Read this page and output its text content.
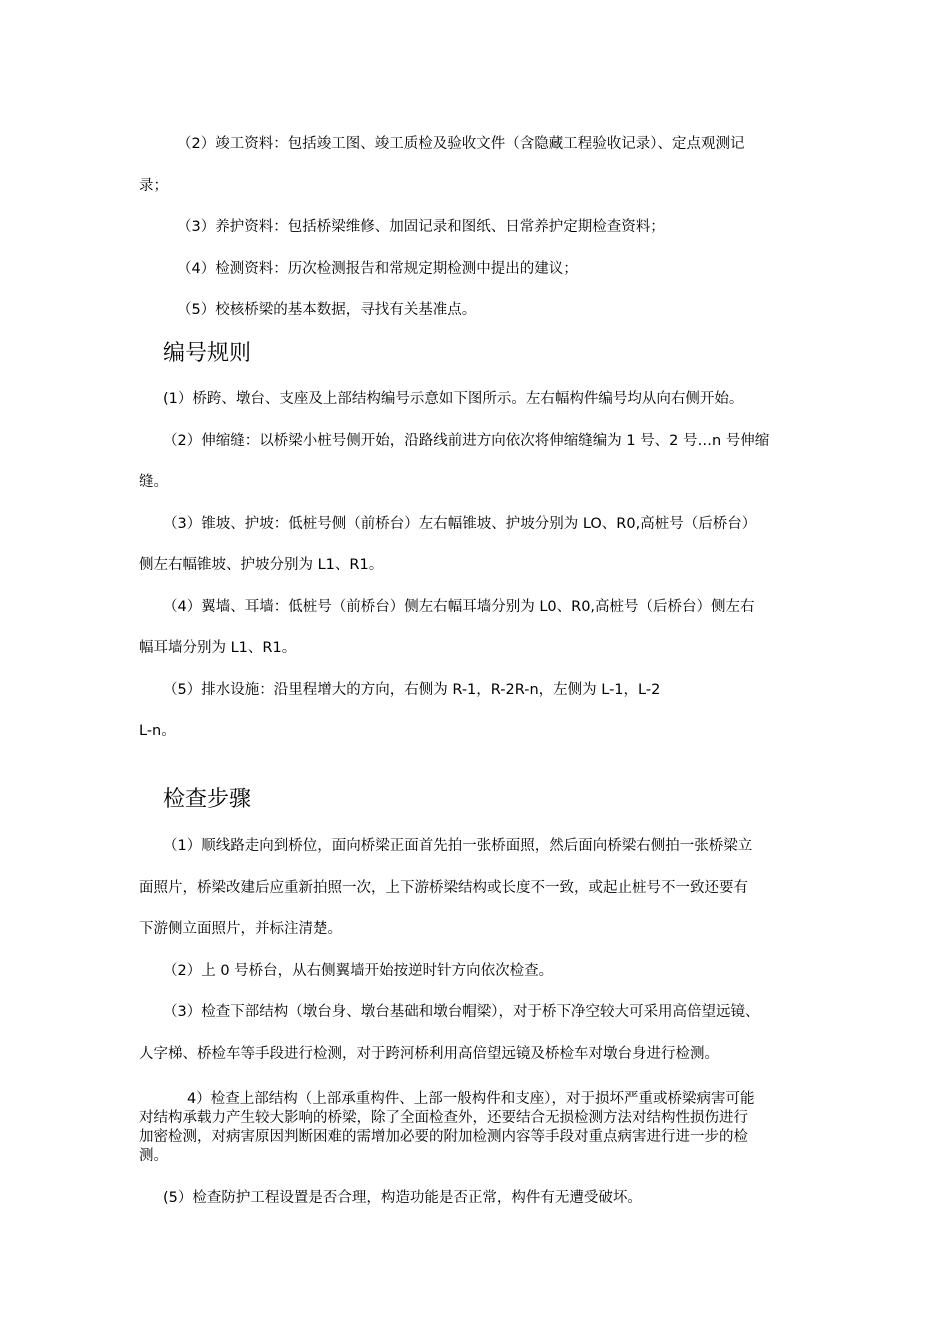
（2）竣工资料：包括竣工图、竣工质检及验收文件（含隐藏工程验收记录）、定点观测记
录；
（3）养护资料：包括桥梁维修、加固记录和图纸、日常养护定期检查资料；
（4）检测资料：历次检测报告和常规定期检测中提出的建议；
（5）校核桥梁的基本数据，寻找有关基准点。
编号规则
(1）桥跨、墩台、支座及上部结构编号示意如下图所示。左右幅构件编号均从向右侧开始。
（2）伸缩缝：以桥梁小桩号侧开始，沿路线前进方向依次将伸缩缝编为 1 号、2 号…n 号伸缩
缝。
（3）锥坡、护坡：低桩号侧（前桥台）左右幅锥坡、护坡分别为 LO、R0,高桩号（后桥台）
侧左右幅锥坡、护坡分别为 L1、R1。
（4）翼墙、耳墙：低桩号（前桥台）侧左右幅耳墙分别为 L0、R0,高桩号（后桥台）侧左右
幅耳墙分别为 L1、R1。
（5）排水设施：沿里程增大的方向，右侧为 R-1，R-2R-n，左侧为 L-1，L-2
L-n。
检查步骤
（1）顺线路走向到桥位，面向桥梁正面首先拍一张桥面照，然后面向桥梁右侧拍一张桥梁立
面照片，桥梁改建后应重新拍照一次，上下游桥梁结构或长度不一致，或起止桩号不一致还要有
下游侧立面照片，并标注清楚。
（2）上 0 号桥台，从右侧翼墙开始按逆时针方向依次检查。
（3）检查下部结构（墩台身、墩台基础和墩台帽梁），对于桥下净空较大可采用高倍望远镜、
人字梯、桥检车等手段进行检测，对于跨河桥利用高倍望远镜及桥检车对墩台身进行检测。
4）检查上部结构（上部承重构件、上部一般构件和支座），对于损坏严重或桥梁病害可能
对结构承载力产生较大影响的桥梁，除了全面检查外，还要结合无损检测方法对结构性损伤进行
加密检测，对病害原因判断困难的需增加必要的附加检测内容等手段对重点病害进行进一步的检
测。
(5）检查防护工程设置是否合理，构造功能是否正常，构件有无遭受破坏。
